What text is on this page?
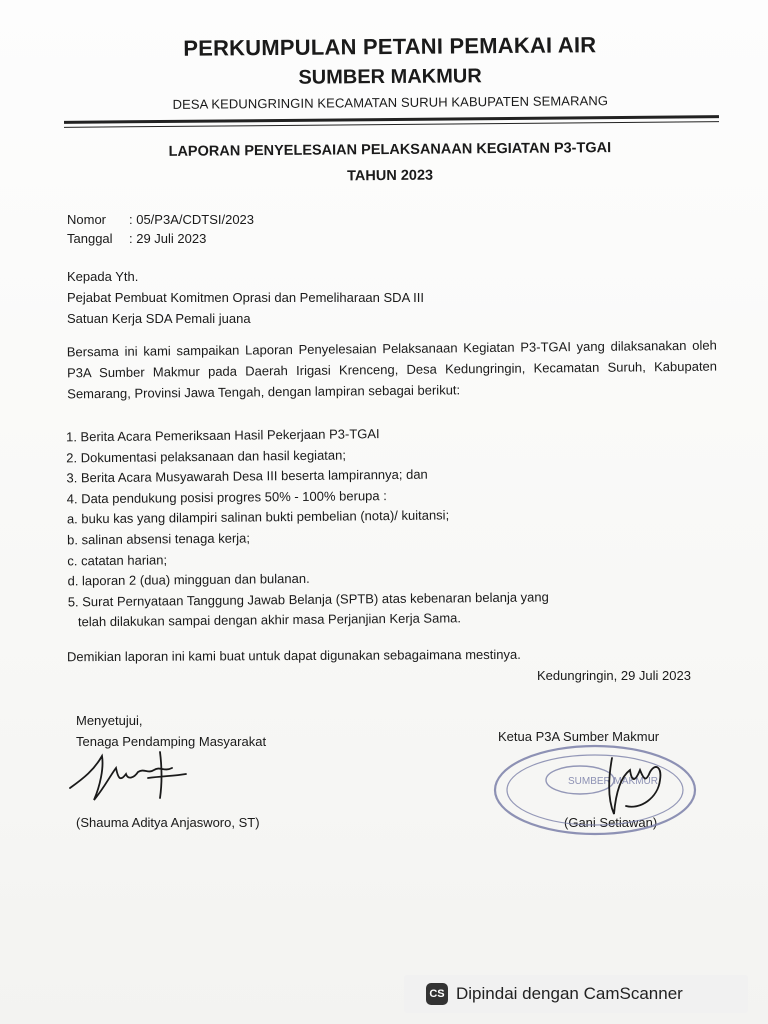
PERKUMPULAN PETANI PEMAKAI AIR
SUMBER MAKMUR
DESA KEDUNGRINGIN KECAMATAN SURUH KABUPATEN SEMARANG
LAPORAN PENYELESAIAN PELAKSANAAN KEGIATAN P3-TGAI
TAHUN 2023
Nomor : 05/P3A/CDTSI/2023
Tanggal : 29 Juli 2023
Kepada Yth.
Pejabat Pembuat Komitmen Oprasi dan Pemeliharaan SDA III
Satuan Kerja SDA Pemali juana
Bersama ini kami sampaikan Laporan Penyelesaian Pelaksanaan Kegiatan P3-TGAI yang dilaksanakan oleh P3A Sumber Makmur pada Daerah Irigasi Krenceng, Desa Kedungringin, Kecamatan Suruh, Kabupaten Semarang, Provinsi Jawa Tengah, dengan lampiran sebagai berikut:
1. Berita Acara Pemeriksaan Hasil Pekerjaan P3-TGAI
2. Dokumentasi pelaksanaan dan hasil kegiatan;
3. Berita Acara Musyawarah Desa III beserta lampirannya; dan
4. Data pendukung posisi progres 50% - 100% berupa :
a. buku kas yang dilampiri salinan bukti pembelian (nota)/ kuitansi;
b. salinan absensi tenaga kerja;
c. catatan harian;
d. laporan 2 (dua) mingguan dan bulanan.
5. Surat Pernyataan Tanggung Jawab Belanja (SPTB) atas kebenaran belanja yang
telah dilakukan sampai dengan akhir masa Perjanjian Kerja Sama.
Demikian laporan ini kami buat untuk dapat digunakan sebagaimana mestinya.
Kedungringin, 29 Juli 2023
Menyetujui,
Tenaga Pendamping Masyarakat
(Shauma Aditya Anjasworo, ST)
Ketua P3A Sumber Makmur
(Gani Setiawan)
SUMBER MAKMUR
CS Dipindai dengan CamScanner
